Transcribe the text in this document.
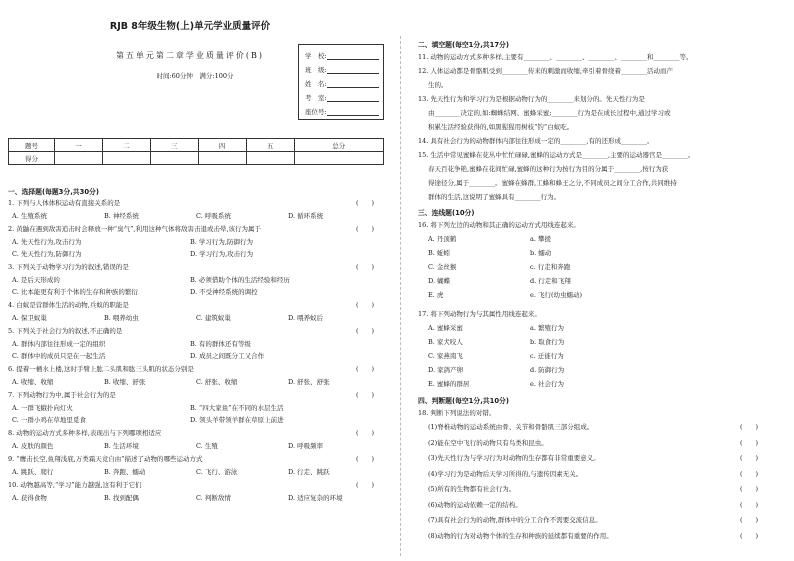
RJB 8年级生物(上)单元学业质量评价
第五单元第二章学业质量评价(B)
时间:60分钟　满分:100分
学　校:
班　级:
姓　名:
考　室:
座位号:
题号	一	二	三	四	五	总分
得分						
一、选择题(每题3分,共30分)
1. 下列与人体体积运动有直接关系的是	(　　)
A. 生殖系统	B. 神经系统	C. 呼吸系统	D. 循环系统
2. 黄鼬在遇到敌害追击时会释放一种“臭气”,利用这种气体将敌害击退或击晕,该行为属于	(　　)
A. 先天性行为,攻击行为	B. 学习行为,防御行为
C. 先天性行为,防御行为	D. 学习行为,攻击行为
3. 下列关于动物学习行为的叙述,错误的是	(　　)
A. 是后天形成的	B. 必须借助个体的生活经验和经历
C. 比本能更有利于个体的生存和种族的繁衍	D. 不受神经系统的调控
4. 白蚁是营群体生活的动物,兵蚁的职能是	(　　)
A. 保卫蚁巢	B. 喂养幼虫	C. 建筑蚁巢	D. 喂养蚁后
5. 下列关于社会行为的叙述,不正确的是	(　　)
A. 群体内部往往形成一定的组织	B. 有的群体还有等级
C. 群体中的成员只是在一起生活	D. 成员之间既分工又合作
6. 提着一桶水上楼,这时手臂上肱二头肌和肱三头肌的状态分别是	(　　)
A. 收缩、收缩	B. 收缩、舒张	C. 舒张、收缩	D. 舒张、舒张
7. 下列动物行为中,属于社会行为的是	(　　)
A. 一群飞蛾扑向灯火	B. “四大家鱼”在不同的水层生活
C. 一群小鸡在草地里觅食	D. 领头羊带领羊群在草原上前进
8. 动物的运动方式多种多样,表现出与下列哪项相适应	(　　)
A. 皮肤的颜色	B. 生活环境	C. 生殖	D. 呼吸频率
9. “鹰击长空,鱼翔浅底,万类霜天竞自由”描述了动物的哪些运动方式	(　　)
A. 跳跃、爬行	B. 奔跑、蠕动	C. 飞行、游泳	D. 行走、跳跃
10. 动物越高等,“学习”能力越强,这有利于它们	(　　)
A. 获得食物	B. 找到配偶	C. 判断敌情	D. 适应复杂的环境
二、填空题(每空1分,共17分)
11. 动物的运动方式多种多样,主要有________、________、________、________和________等。
12. 人体运动都是骨骼肌受到________传来的刺激而收缩,牵引着骨绕着________活动而产
生的。
13. 先天性行为和学习行为是根据动物行为的________来划分的。先天性行为是
由________决定的,如:蜘蛛结网、蜜蜂采蜜;________行为是在成长过程中,通过学习或
积累生活经验获得的,如黑猩猩用树枝“钓”白蚁吃。
14. 具有社会行为的动物群体内部往往形成一定的________,有的还形成________。
15. 生活中常见蜜蜂在花丛中忙忙碌碌,蜜蜂的运动方式是________,主要的运动器官是________。
春天百花争艳,蜜蜂在花间忙碌,蜜蜂的这种行为按行为目的分属于________,按行为获
得途径分,属于________。蜜蜂在蜂群,工蜂和蜂王之分,不同成员之间分工合作,共同维持
群体的生活,这说明了蜜蜂具有________行为。
三、连线题(10分)
16. 将下列左边的动物和其正确的运动方式用线连起来。
A. 丹顶鹤	a. 攀援
B. 蚯蚓	b. 蠕动
C. 金丝猴	c. 行走和奔跑
D. 蝴蝶	d. 行走和飞翔
E. 虎	e. 飞行(幼虫蠕动)
17. 将下列动物行为与其属性用线连起来。
A. 蜜蜂采蜜	a. 繁殖行为
B. 家犬咬人	b. 取食行为
C. 家燕南飞	c. 迁徙行为
D. 家鸽产卵	d. 防御行为
E. 蜜蜂的群居	e. 社会行为
四、判断题(每空1分,共10分)
18. 判断下列说法的对错。
(1)脊椎动物的运动系统由骨、关节和骨骼肌三部分组成。	(　　)
(2)能在空中飞行的动物只有鸟类和昆虫。	(　　)
(3)先天性行为与学习行为对动物的生存都有非常重要意义。	(　　)
(4)学习行为是动物后天学习所得的,与遗传因素无关。	(　　)
(5)所有的生物都有社会行为。	(　　)
(6)动物的运动依赖一定的结构。	(　　)
(7)具有社会行为的动物,群体中的分工合作不需要交流信息。	(　　)
(8)动物的行为对动物个体的生存和种族的延续都有重要的作用。	(　　)
